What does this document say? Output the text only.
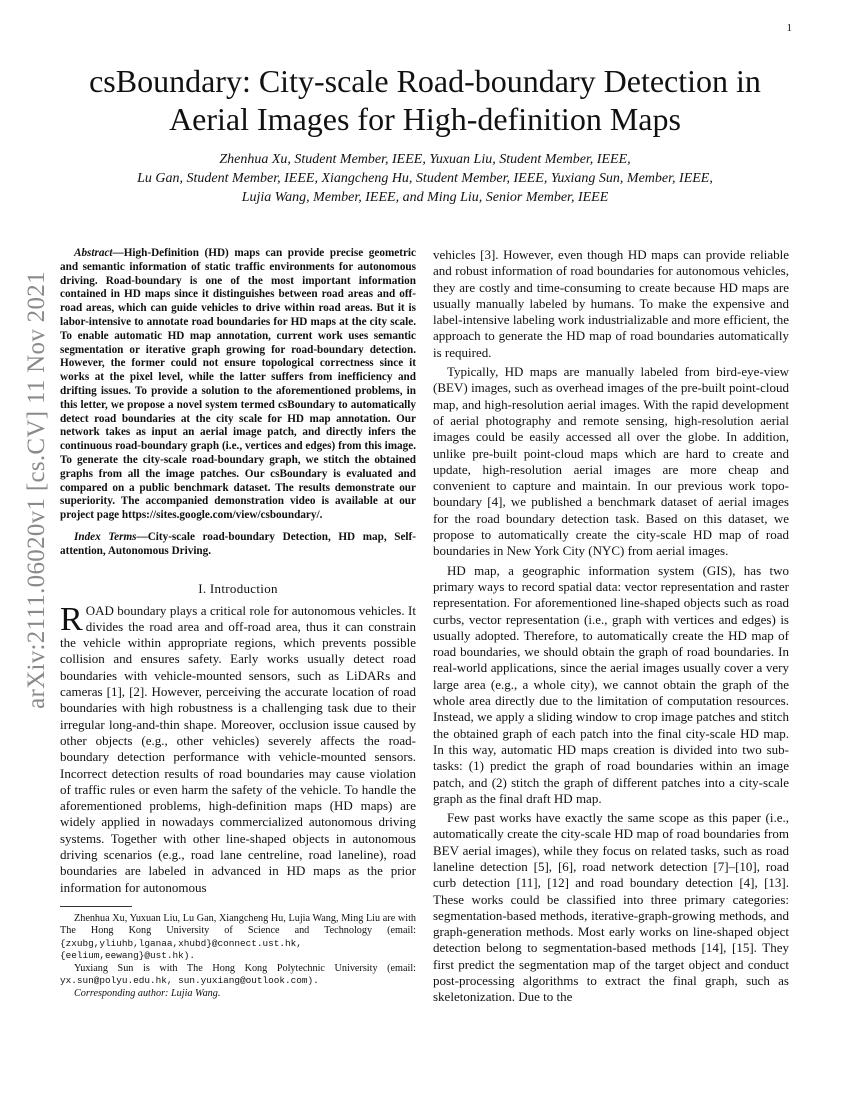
1
arXiv:2111.06020v1 [cs.CV] 11 Nov 2021
csBoundary: City-scale Road-boundary Detection in Aerial Images for High-definition Maps

Zhenhua Xu, Student Member, IEEE, Yuxuan Liu, Student Member, IEEE,

Lu Gan, Student Member, IEEE, Xiangcheng Hu, Student Member, IEEE, Yuxiang Sun, Member, IEEE,

Lujia Wang, Member, IEEE, and Ming Liu, Senior Member, IEEE

Abstract—High-Definition (HD) maps can provide precise geometric and semantic information of static traffic environments for autonomous driving. Road-boundary is one of the most important information contained in HD maps since it distinguishes between road areas and off-road areas, which can guide vehicles to drive within road areas. But it is labor-intensive to annotate road boundaries for HD maps at the city scale. To enable automatic HD map annotation, current work uses semantic segmentation or iterative graph growing for road-boundary detection. However, the former could not ensure topological correctness since it works at the pixel level, while the latter suffers from inefficiency and drifting issues. To provide a solution to the aforementioned problems, in this letter, we propose a novel system termed csBoundary to automatically detect road boundaries at the city scale for HD map annotation. Our network takes as input an aerial image patch, and directly infers the continuous road-boundary graph (i.e., vertices and edges) from this image. To generate the city-scale road-boundary graph, we stitch the obtained graphs from all the image patches. Our csBoundary is evaluated and compared on a public benchmark dataset. The results demonstrate our superiority. The accompanied demonstration video is available at our project page https://sites.google.com/view/csboundary/.

Index Terms—City-scale road-boundary Detection, HD map, Self-attention, Autonomous Driving.

I. Introduction

ROAD boundary plays a critical role for autonomous vehicles. It divides the road area and off-road area, thus it can constrain the vehicle within appropriate regions, which prevents possible collision and ensures safety. Early works usually detect road boundaries with vehicle-mounted sensors, such as LiDARs and cameras [1], [2]. However, perceiving the accurate location of road boundaries with high robustness is a challenging task due to their irregular long-and-thin shape. Moreover, occlusion issue caused by other objects (e.g., other vehicles) severely affects the road-boundary detection performance with vehicle-mounted sensors. Incorrect detection results of road boundaries may cause violation of traffic rules or even harm the safety of the vehicle. To handle the aforementioned problems, high-definition maps (HD maps) are widely applied in nowadays commercialized autonomous driving systems. Together with other line-shaped objects in autonomous driving scenarios (e.g., road lane centreline, road laneline), road boundaries are labeled in advanced in HD maps as the prior information for autonomous

Zhenhua Xu, Yuxuan Liu, Lu Gan, Xiangcheng Hu, Lujia Wang, Ming Liu are with The Hong Kong University of Science and Technology (email: {zxubg,yliuhb,lganaa,xhubd}@connect.ust.hk,{eelium,eewang}@ust.hk).

Yuxiang Sun is with The Hong Kong Polytechnic University (email: yx.sun@polyu.edu.hk, sun.yuxiang@outlook.com).

Corresponding author: Lujia Wang.

vehicles [3]. However, even though HD maps can provide reliable and robust information of road boundaries for autonomous vehicles, they are costly and time-consuming to create because HD maps are usually manually labeled by humans. To make the expensive and label-intensive labeling work industrializable and more efficient, the approach to generate the HD map of road boundaries automatically is required.

Typically, HD maps are manually labeled from bird-eye-view (BEV) images, such as overhead images of the pre-built point-cloud map, and high-resolution aerial images. With the rapid development of aerial photography and remote sensing, high-resolution aerial images could be easily accessed all over the globe. In addition, unlike pre-built point-cloud maps which are hard to create and update, high-resolution aerial images are more cheap and convenient to capture and maintain. In our previous work topo-boundary [4], we published a benchmark dataset of aerial images for the road boundary detection task. Based on this dataset, we propose to automatically create the city-scale HD map of road boundaries in New York City (NYC) from aerial images.

HD map, a geographic information system (GIS), has two primary ways to record spatial data: vector representation and raster representation. For aforementioned line-shaped objects such as road curbs, vector representation (i.e., graph with vertices and edges) is usually adopted. Therefore, to automatically create the HD map of road boundaries, we should obtain the graph of road boundaries. In real-world applications, since the aerial images usually cover a very large area (e.g., a whole city), we cannot obtain the graph of the whole area directly due to the limitation of computation resources. Instead, we apply a sliding window to crop image patches and stitch the obtained graph of each patch into the final city-scale HD map. In this way, automatic HD maps creation is divided into two sub-tasks: (1) predict the graph of road boundaries within an image patch, and (2) stitch the graph of different patches into a city-scale graph as the final draft HD map.

Few past works have exactly the same scope as this paper (i.e., automatically create the city-scale HD map of road boundaries from BEV aerial images), while they focus on related tasks, such as road laneline detection [5], [6], road network detection [7]–[10], road curb detection [11], [12] and road boundary detection [4], [13]. These works could be classified into three primary categories: segmentation-based methods, iterative-graph-growing methods, and graph-generation methods. Most early works on line-shaped object detection belong to segmentation-based methods [14], [15]. They first predict the segmentation map of the target object and conduct post-processing algorithms to extract the final graph, such as skeletonization. Due to the
